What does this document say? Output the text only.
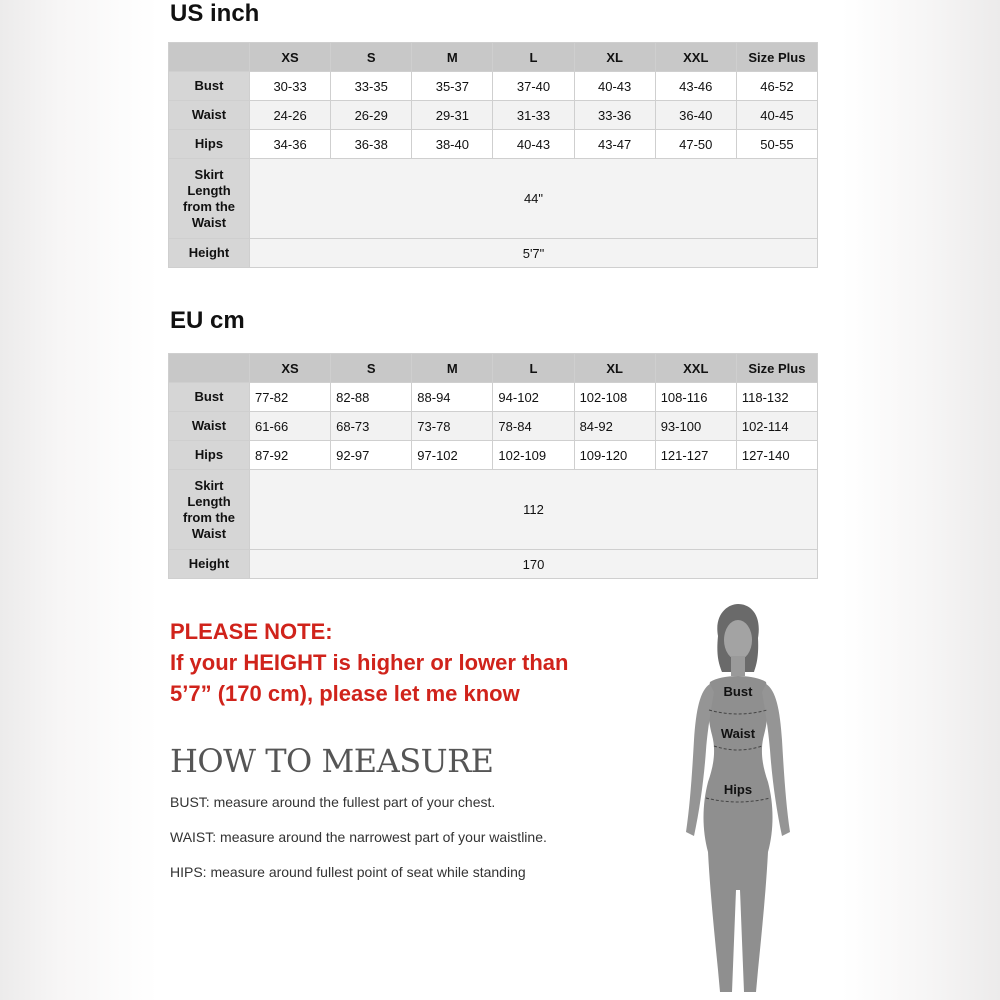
US inch
	XS	S	M	L	XL	XXL	Size Plus
Bust	30-33	33-35	35-37	37-40	40-43	43-46	46-52
Waist	24-26	26-29	29-31	31-33	33-36	36-40	40-45
Hips	34-36	36-38	38-40	40-43	43-47	47-50	50-55
Skirt
Length
from the
Waist	44"						
Height	5'7"						
EU cm
	XS	S	M	L	XL	XXL	Size Plus
Bust	77-82	82-88	88-94	94-102	102-108	108-116	118-132
Waist	61-66	68-73	73-78	78-84	84-92	93-100	102-114
Hips	87-92	92-97	97-102	102-109	109-120	121-127	127-140
Skirt
Length
from the
Waist	112						
Height	170						
PLEASE NOTE:
If your HEIGHT is higher or lower than
5’7” (170 cm), please let me know
HOW TO MEASURE

BUST: measure around the fullest part of your chest.

WAIST: measure around the narrowest part of your waistline.

HIPS: measure around fullest point of seat while standing

Bust
Waist
Hips
